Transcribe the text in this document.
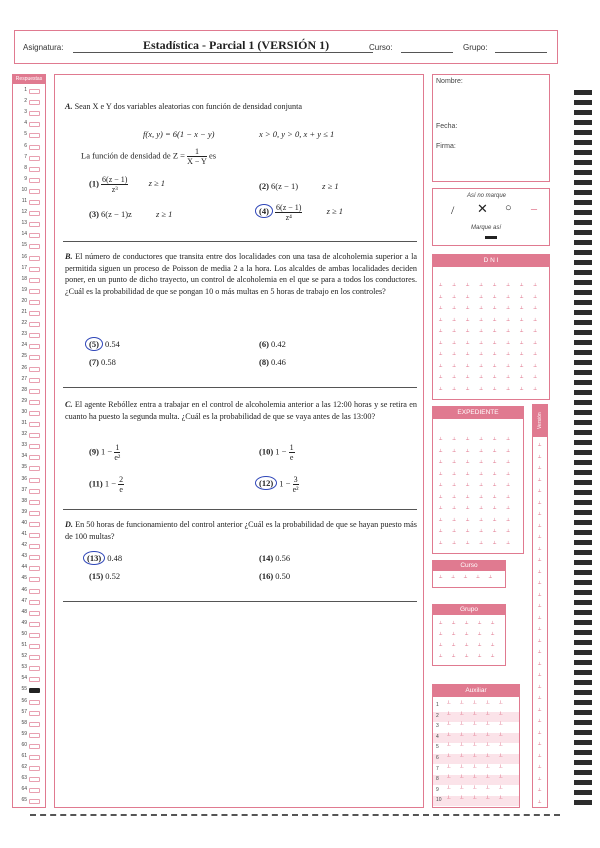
Asignatura:	Estadística - Parcial 1 (VERSIÓN 1)	Curso:	Grupo:
Respuestas
1
2
3
4
5
6
7
8
9
10
11
12
13
14
15
16
17
18
19
20
21
22
23
24
25
26
27
28
29
30
31
32
33
34
35
36
37
38
39
40
41
42
43
44
45
46
47
48
49
50
51
52
53
54
55
56
57
58
59
60
61
62
63
64
65
A. Sean X e Y dos variables aleatorias con función de densidad conjunta
f(x, y) = 6(1 − x − y)	x > 0, y > 0, x + y ≤ 1
La función de densidad de $Z = \frac{1}{X - Y}$ es
$(1) \frac{6(z - 1)}{\text{z³}}$ z ≥ 1	(2) 6(z − 1)	z ≥ 1
(3) 6(z − 1)z	z ≥ 1	$(4) \frac{6(z - 1)}{\text{z⁴}}$	z ≥ 1
B. El número de conductores que transita entre dos localidades con una tasa de alcoholemia superior a la permitida siguen un proceso de Poisson de media 2 a la hora. Los alcaldes de ambas localidades deciden poner, en un punto de dicho trayecto, un control de alcoholemia en el que se para a todos los conductores. ¿Cuál es la probabilidad de que se pongan 10 o más multas en 5 horas de trabajo en los controles?
(5) 0.54	(6) 0.42
(7) 0.58	(8) 0.46
C. El agente Rebóllez entra a trabajar en el control de alcoholemia anterior a las 12:00 horas y se retira en cuanto ha puesto la segunda multa. ¿Cuál es la probabilidad de que se vaya antes de las 13:00?
(9) $1 - \frac{1}{\text{e²}}$	(10) $1 - \frac{1}{e}$
(11) $1 - \frac{2}{e}$	(12) $1 - \frac{3}{\text{e²}}$
D. En 50 horas de funcionamiento del control anterior ¿Cuál es la probabilidad de que se hayan puesto más de 100 multas?
(13) 0.48	(14) 0.56
(15) 0.52	(16) 0.50
Nombre:
Fecha:
Firma:
Así no marque
/ ✕ ○ –
Marque así
D N I
┴ ┴ ┴ ┴ ┴ ┴ ┴ ┴
┴ ┴ ┴ ┴ ┴ ┴ ┴ ┴
┴ ┴ ┴ ┴ ┴ ┴ ┴ ┴
┴ ┴ ┴ ┴ ┴ ┴ ┴ ┴
┴ ┴ ┴ ┴ ┴ ┴ ┴ ┴
┴ ┴ ┴ ┴ ┴ ┴ ┴ ┴
┴ ┴ ┴ ┴ ┴ ┴ ┴ ┴
┴ ┴ ┴ ┴ ┴ ┴ ┴ ┴
┴ ┴ ┴ ┴ ┴ ┴ ┴ ┴
┴ ┴ ┴ ┴ ┴ ┴ ┴ ┴
EXPEDIENTE
┴ ┴ ┴ ┴ ┴ ┴
┴ ┴ ┴ ┴ ┴ ┴
┴ ┴ ┴ ┴ ┴ ┴
┴ ┴ ┴ ┴ ┴ ┴
┴ ┴ ┴ ┴ ┴ ┴
┴ ┴ ┴ ┴ ┴ ┴
┴ ┴ ┴ ┴ ┴ ┴
┴ ┴ ┴ ┴ ┴ ┴
┴ ┴ ┴ ┴ ┴ ┴
┴ ┴ ┴ ┴ ┴ ┴
Versión
┴
┴
┴
┴
┴
┴
┴
┴
┴
┴
┴
┴
┴
┴
┴
┴
┴
┴
┴
┴
┴
┴
┴
┴
┴
┴
┴
┴
┴
┴
┴
┴
Curso
┴ ┴ ┴ ┴ ┴
Grupo
┴ ┴ ┴ ┴ ┴
┴ ┴ ┴ ┴ ┴
┴ ┴ ┴ ┴ ┴
┴ ┴ ┴ ┴ ┴
Auxiliar
1 ┴ ┴ ┴ ┴ ┴
2 ┴ ┴ ┴ ┴ ┴
3 ┴ ┴ ┴ ┴ ┴
4 ┴ ┴ ┴ ┴ ┴
5 ┴ ┴ ┴ ┴ ┴
6 ┴ ┴ ┴ ┴ ┴
7 ┴ ┴ ┴ ┴ ┴
8 ┴ ┴ ┴ ┴ ┴
9 ┴ ┴ ┴ ┴ ┴
10 ┴ ┴ ┴ ┴ ┴
